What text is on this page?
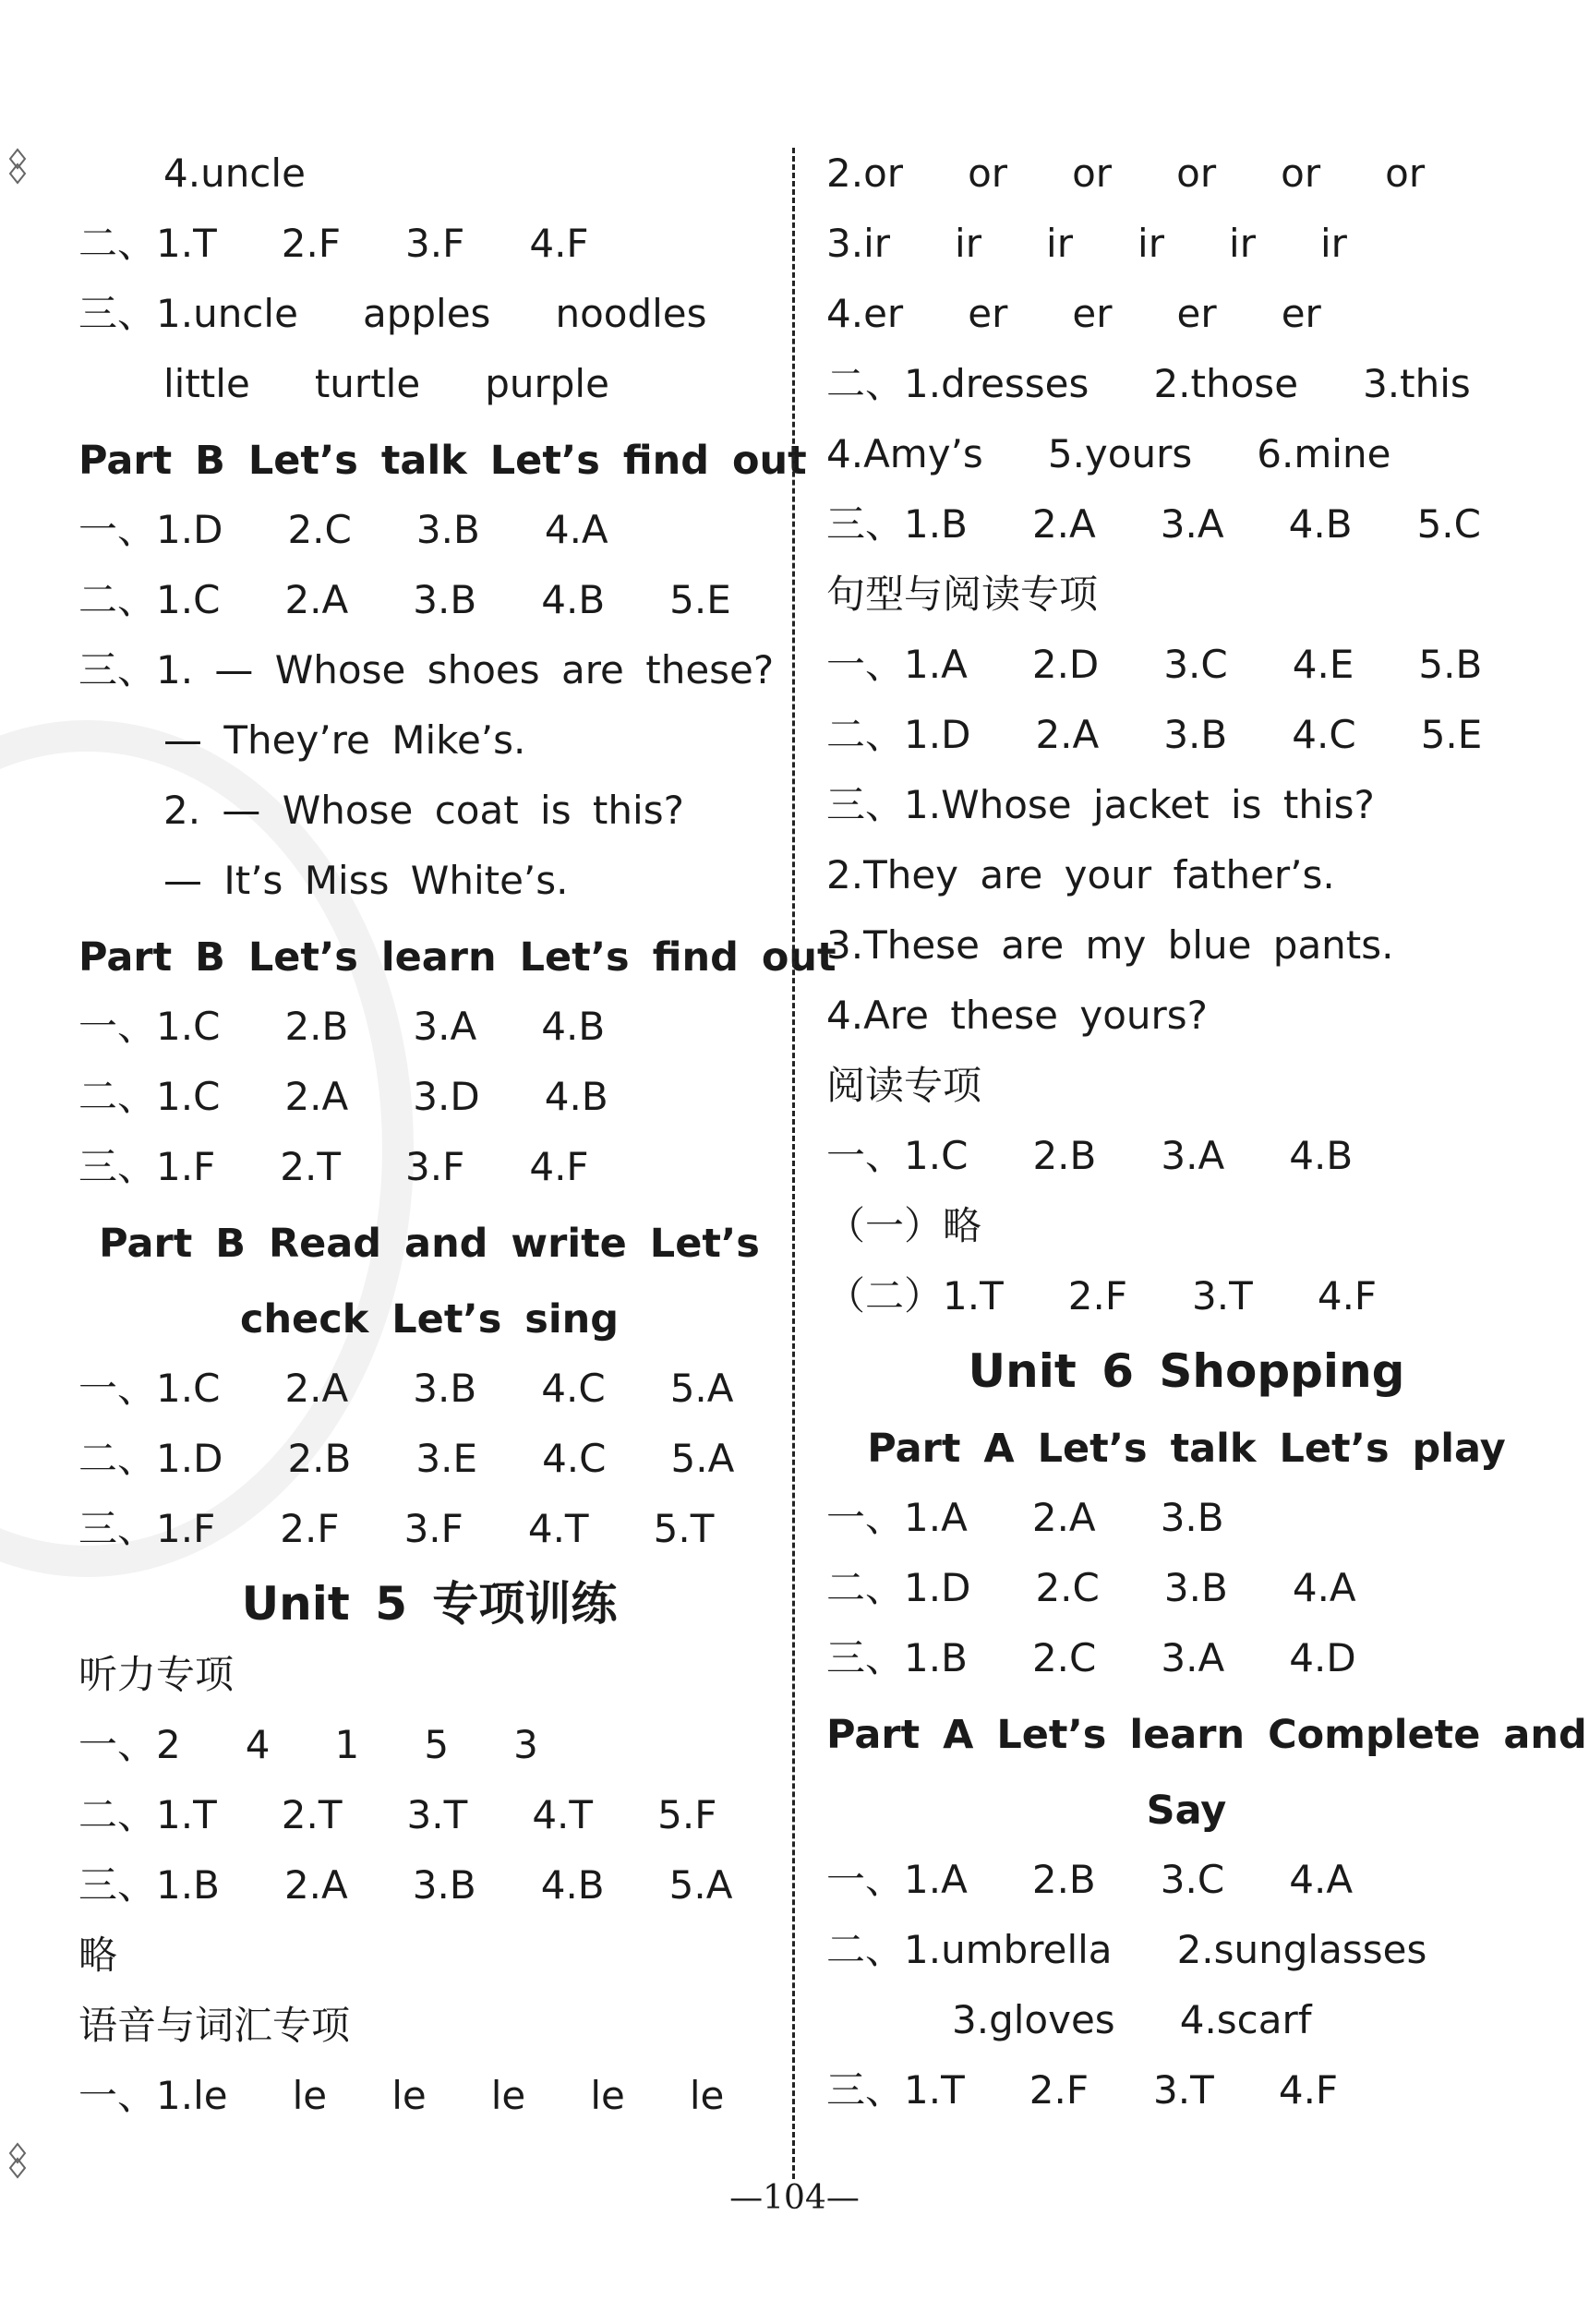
4.uncle
二、1.T   2.F   3.F   4.F
三、1.uncle   apples   noodles
little   turtle   purple
Part B Let’s talk Let’s find out
一、1.D   2.C   3.B   4.A
二、1.C   2.A   3.B   4.B   5.E
三、1. — Whose shoes are these?
— They’re Mike’s.
2. — Whose coat is this?
— It’s Miss White’s.
Part B Let’s learn Let’s find out
一、1.C   2.B   3.A   4.B
二、1.C   2.A   3.D   4.B
三、1.F   2.T   3.F   4.F
Part B Read and write Let’s
check Let’s sing
一、1.C   2.A   3.B   4.C   5.A
二、1.D   2.B   3.E   4.C   5.A
三、1.F   2.F   3.F   4.T   5.T
Unit 5 专项训练
听力专项
一、2   4   1   5   3
二、1.T   2.T   3.T   4.T   5.F
三、1.B   2.A   3.B   4.B   5.A
略
语音与词汇专项
一、1.le   le   le   le   le   le
2.or   or   or   or   or   or
3.ir   ir   ir   ir   ir   ir
4.er   er   er   er   er
二、1.dresses   2.those   3.this
4.Amy’s   5.yours   6.mine
三、1.B   2.A   3.A   4.B   5.C
句型与阅读专项
一、1.A   2.D   3.C   4.E   5.B
二、1.D   2.A   3.B   4.C   5.E
三、1.Whose jacket is this?
2.They are your father’s.
3.These are my blue pants.
4.Are these yours?
阅读专项
一、1.C   2.B   3.A   4.B
（一）略
（二）1.T   2.F   3.T   4.F
Unit 6 Shopping
Part A Let’s talk Let’s play
一、1.A   2.A   3.B
二、1.D   2.C   3.B   4.A
三、1.B   2.C   3.A   4.D
Part A Let’s learn Complete and
Say
一、1.A   2.B   3.C   4.A
二、1.umbrella   2.sunglasses
3.gloves   4.scarf
三、1.T   2.F   3.T   4.F
—104—
